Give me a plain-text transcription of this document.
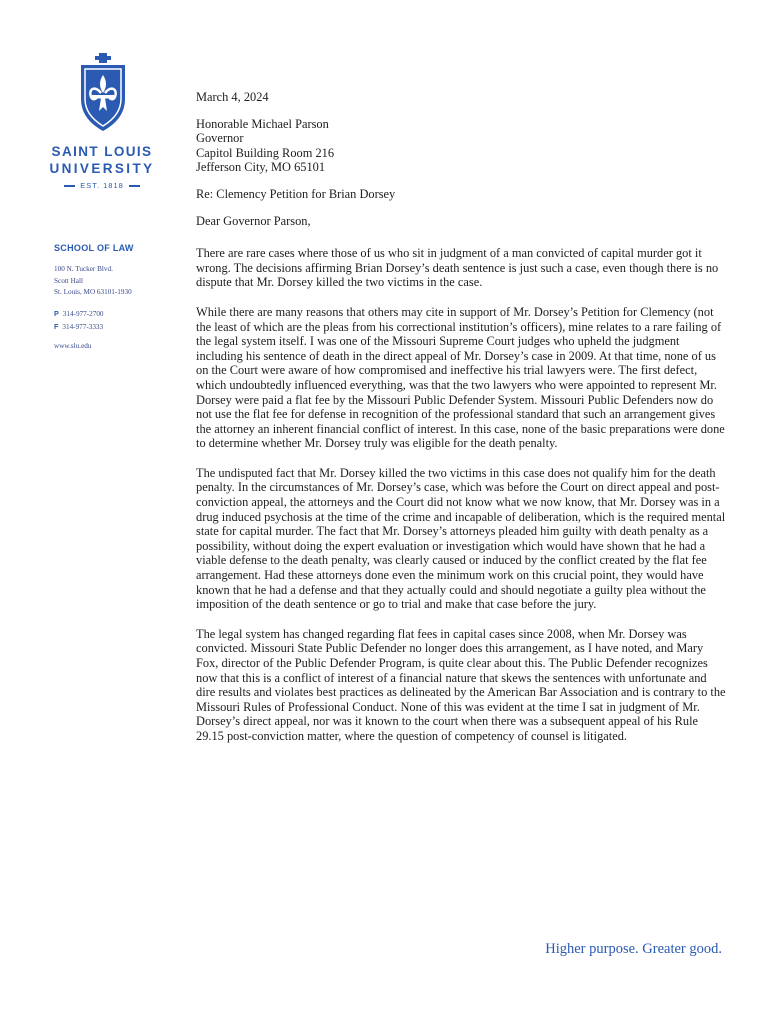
SAINT LOUIS
UNIVERSITY
EST. 1818
SCHOOL OF LAW
100 N. Tucker Blvd.
Scott Hall
St. Louis, MO 63101-1930
P 314-977-2700
F 314-977-3333
www.slu.edu

March 4, 2024

Honorable Michael Parson

Governor

Capitol Building Room 216

Jefferson City, MO 65101

Re: Clemency Petition for Brian Dorsey

Dear Governor Parson,

There are rare cases where those of us who sit in judgment of a man convicted of capital murder got it wrong. The decisions affirming Brian Dorsey’s death sentence is just such a case, even though there is no dispute that Mr. Dorsey killed the two victims in the case.

While there are many reasons that others may cite in support of Mr. Dorsey’s Petition for Clemency (not the least of which are the pleas from his correctional institution’s officers), mine relates to a rare failing of the legal system itself. I was one of the Missouri Supreme Court judges who upheld the judgment including his sentence of death in the direct appeal of Mr. Dorsey’s case in 2009. At that time, none of us on the Court were aware of how compromised and ineffective his trial lawyers were. The first defect, which undoubtedly influenced everything, was that the two lawyers who were appointed to represent Mr. Dorsey were paid a flat fee by the Missouri Public Defender System. Missouri Public Defenders now do not use the flat fee for defense in recognition of the professional standard that such an arrangement gives the attorney an inherent financial conflict of interest. In this case, none of the basic preparations were done to determine whether Mr. Dorsey truly was eligible for the death penalty.

The undisputed fact that Mr. Dorsey killed the two victims in this case does not qualify him for the death penalty. In the circumstances of Mr. Dorsey’s case, which was before the Court on direct appeal and post-conviction appeal, the attorneys and the Court did not know what we now know, that Mr. Dorsey was in a drug induced psychosis at the time of the crime and incapable of deliberation, which is the required mental state for capital murder. The fact that Mr. Dorsey’s attorneys pleaded him guilty with death penalty as a possibility, without doing the expert evaluation or investigation which would have shown that he had a viable defense to the death penalty, was clearly caused or induced by the conflict created by the flat fee arrangement. Had these attorneys done even the minimum work on this crucial point, they would have known that he had a defense and that they actually could and should negotiate a guilty plea without the imposition of the death sentence or go to trial and make that case before the jury.

The legal system has changed regarding flat fees in capital cases since 2008, when Mr. Dorsey was convicted. Missouri State Public Defender no longer does this arrangement, as I have noted, and Mary Fox, director of the Public Defender Program, is quite clear about this. The Public Defender recognizes now that this is a conflict of interest of a financial nature that skews the sentences with unfortunate and dire results and violates best practices as delineated by the American Bar Association and is contrary to the Missouri Rules of Professional Conduct. None of this was evident at the time I sat in judgment of Mr. Dorsey’s direct appeal, nor was it known to the court when there was a subsequent appeal of his Rule 29.15 post-conviction matter, where the question of competency of counsel is litigated.

Higher purpose. Greater good.
